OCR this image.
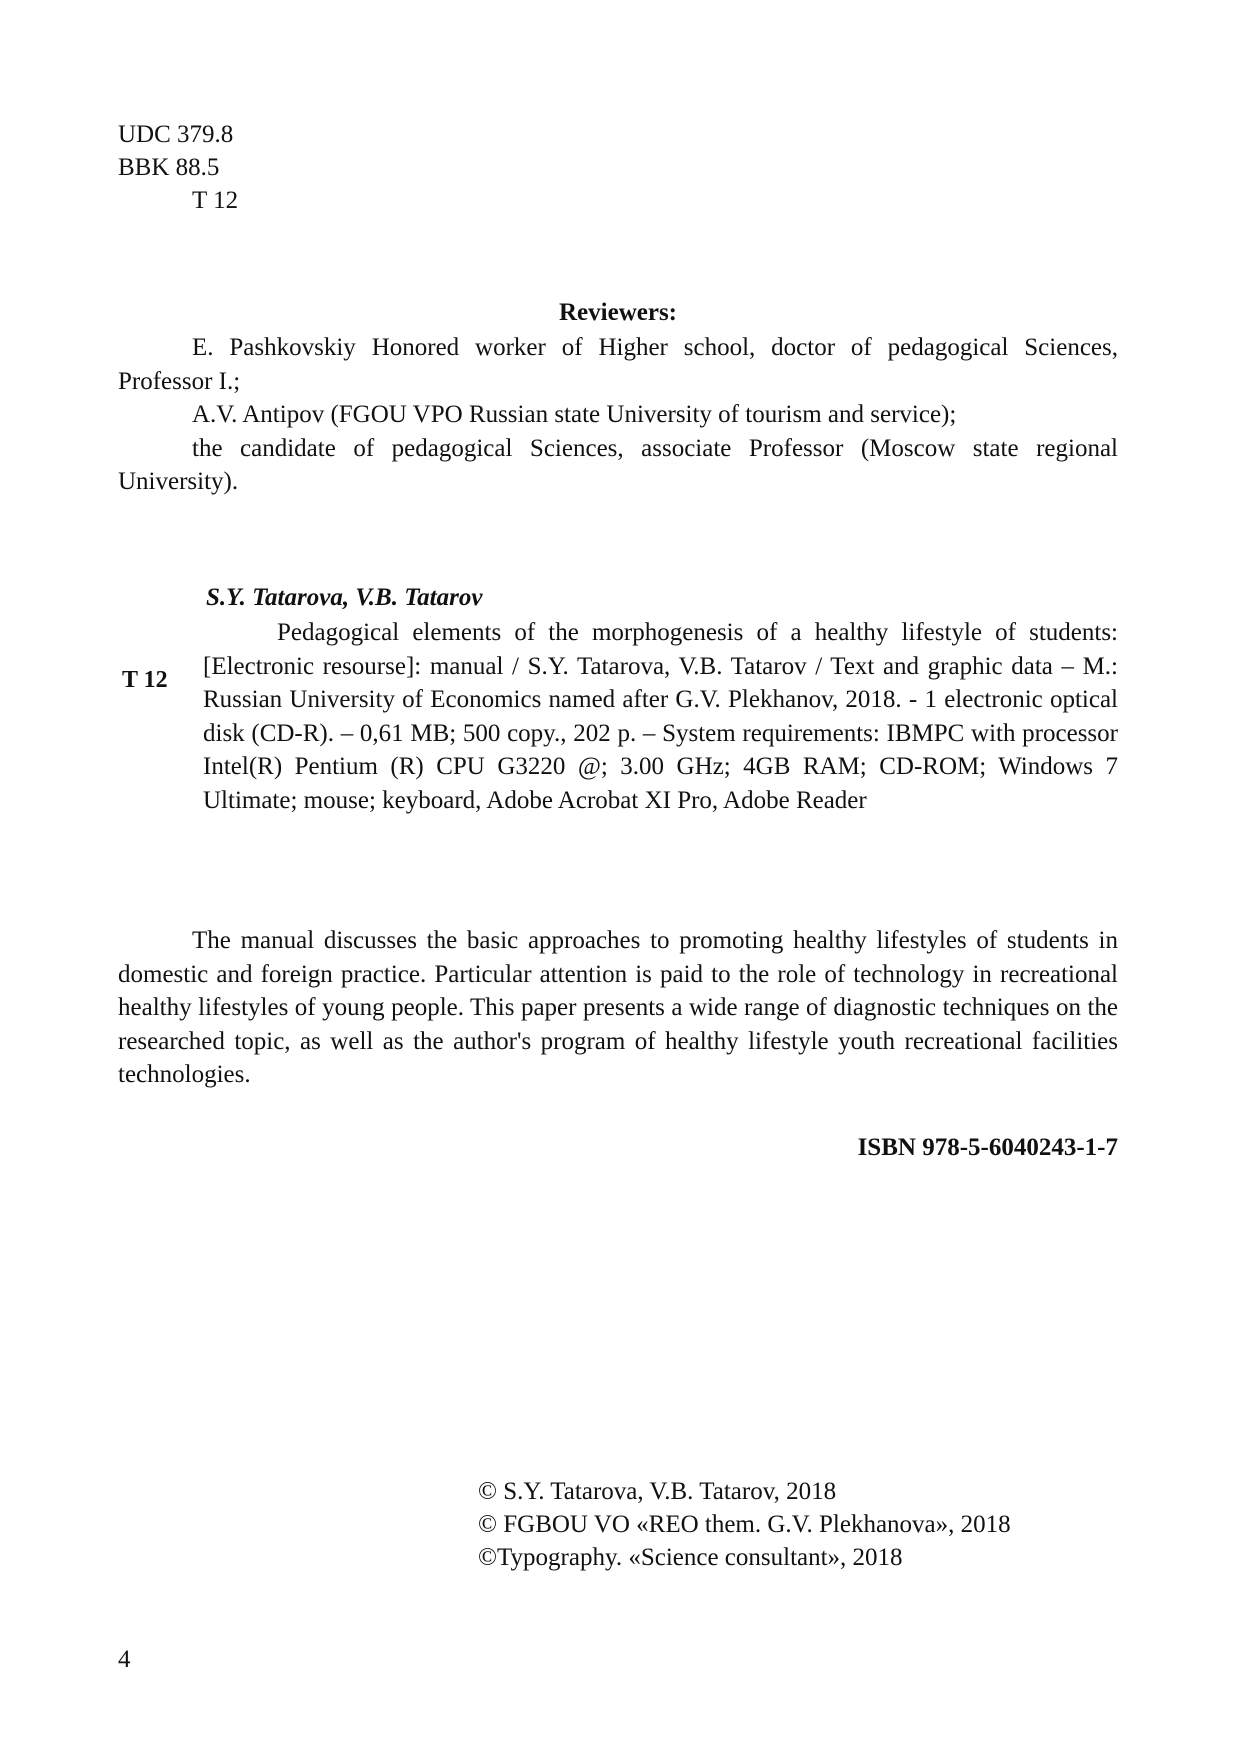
UDC 379.8
BBK 88.5
T 12
Reviewers:
E. Pashkovskiy Honored worker of Higher school, doctor of pedagogical Sciences, Professor I.;
A.V. Antipov (FGOU VPO Russian state University of tourism and service);
the candidate of pedagogical Sciences, associate Professor (Moscow state regional University).
T 12
S.Y. Tatarova, V.B. Tatarov
Pedagogical elements of the morphogenesis of a healthy lifestyle of students: [Electronic resourse]: manual / S.Y. Tatarova, V.B. Tatarov / Text and graphic data – M.: Russian University of Economics named after G.V. Plekhanov, 2018. - 1 electronic optical disk (CD-R). – 0,61 MB; 500 copy., 202 p. – System requirements: IBMPC with processor Intel(R) Pentium (R) CPU G3220 @; 3.00 GHz; 4GB RAM; CD-ROM; Windows 7 Ultimate; mouse; keyboard, Adobe Acrobat XI Pro, Adobe Reader
The manual discusses the basic approaches to promoting healthy lifestyles of students in domestic and foreign practice. Particular attention is paid to the role of technology in recreational healthy lifestyles of young people. This paper presents a wide range of diagnostic techniques on the researched topic, as well as the author's program of healthy lifestyle youth recreational facilities technologies.
ISBN 978-5-6040243-1-7
© S.Y. Tatarova, V.B. Tatarov, 2018
© FGBOU VO «REO them. G.V. Plekhanova», 2018
©Typography. «Science consultant», 2018
4
